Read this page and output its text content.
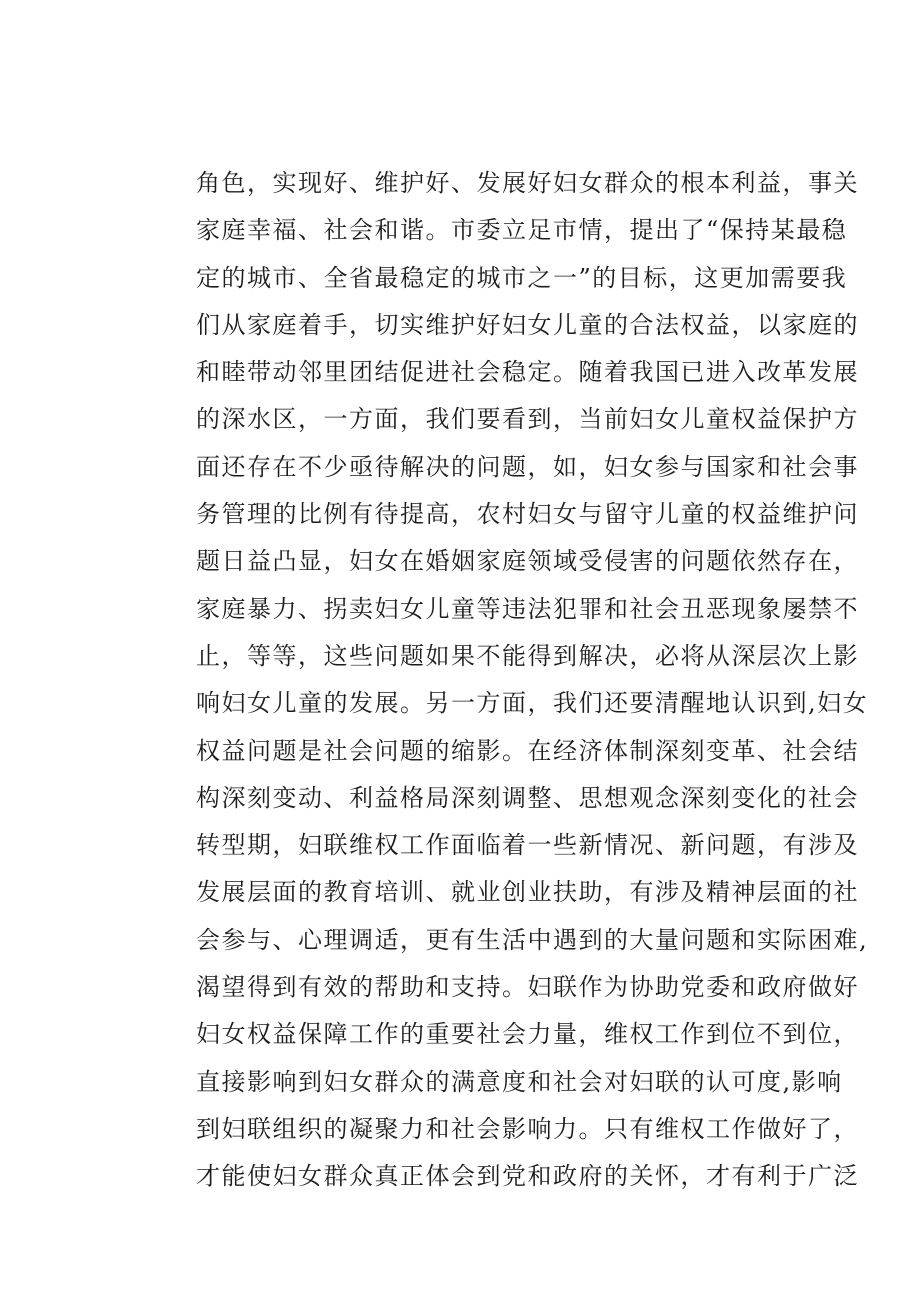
角色，实现好、维护好、发展好妇女群众的根本利益，事关
家庭幸福、社会和谐。市委立足市情，提出了“保持某最稳
定的城市、全省最稳定的城市之一”的目标，这更加需要我
们从家庭着手，切实维护好妇女儿童的合法权益，以家庭的
和睦带动邻里团结促进社会稳定。随着我国已进入改革发展
的深水区，一方面，我们要看到，当前妇女儿童权益保护方
面还存在不少亟待解决的问题，如，妇女参与国家和社会事
务管理的比例有待提高，农村妇女与留守儿童的权益维护问
题日益凸显，妇女在婚姻家庭领域受侵害的问题依然存在，
家庭暴力、拐卖妇女儿童等违法犯罪和社会丑恶现象屡禁不
止，等等，这些问题如果不能得到解决，必将从深层次上影
响妇女儿童的发展。另一方面，我们还要清醒地认识到,妇女
权益问题是社会问题的缩影。在经济体制深刻变革、社会结
构深刻变动、利益格局深刻调整、思想观念深刻变化的社会
转型期，妇联维权工作面临着一些新情况、新问题，有涉及
发展层面的教育培训、就业创业扶助，有涉及精神层面的社
会参与、心理调适，更有生活中遇到的大量问题和实际困难,
渴望得到有效的帮助和支持。妇联作为协助党委和政府做好
妇女权益保障工作的重要社会力量，维权工作到位不到位，
直接影响到妇女群众的满意度和社会对妇联的认可度,影响
到妇联组织的凝聚力和社会影响力。只有维权工作做好了，
才能使妇女群众真正体会到党和政府的关怀，才有利于广泛
